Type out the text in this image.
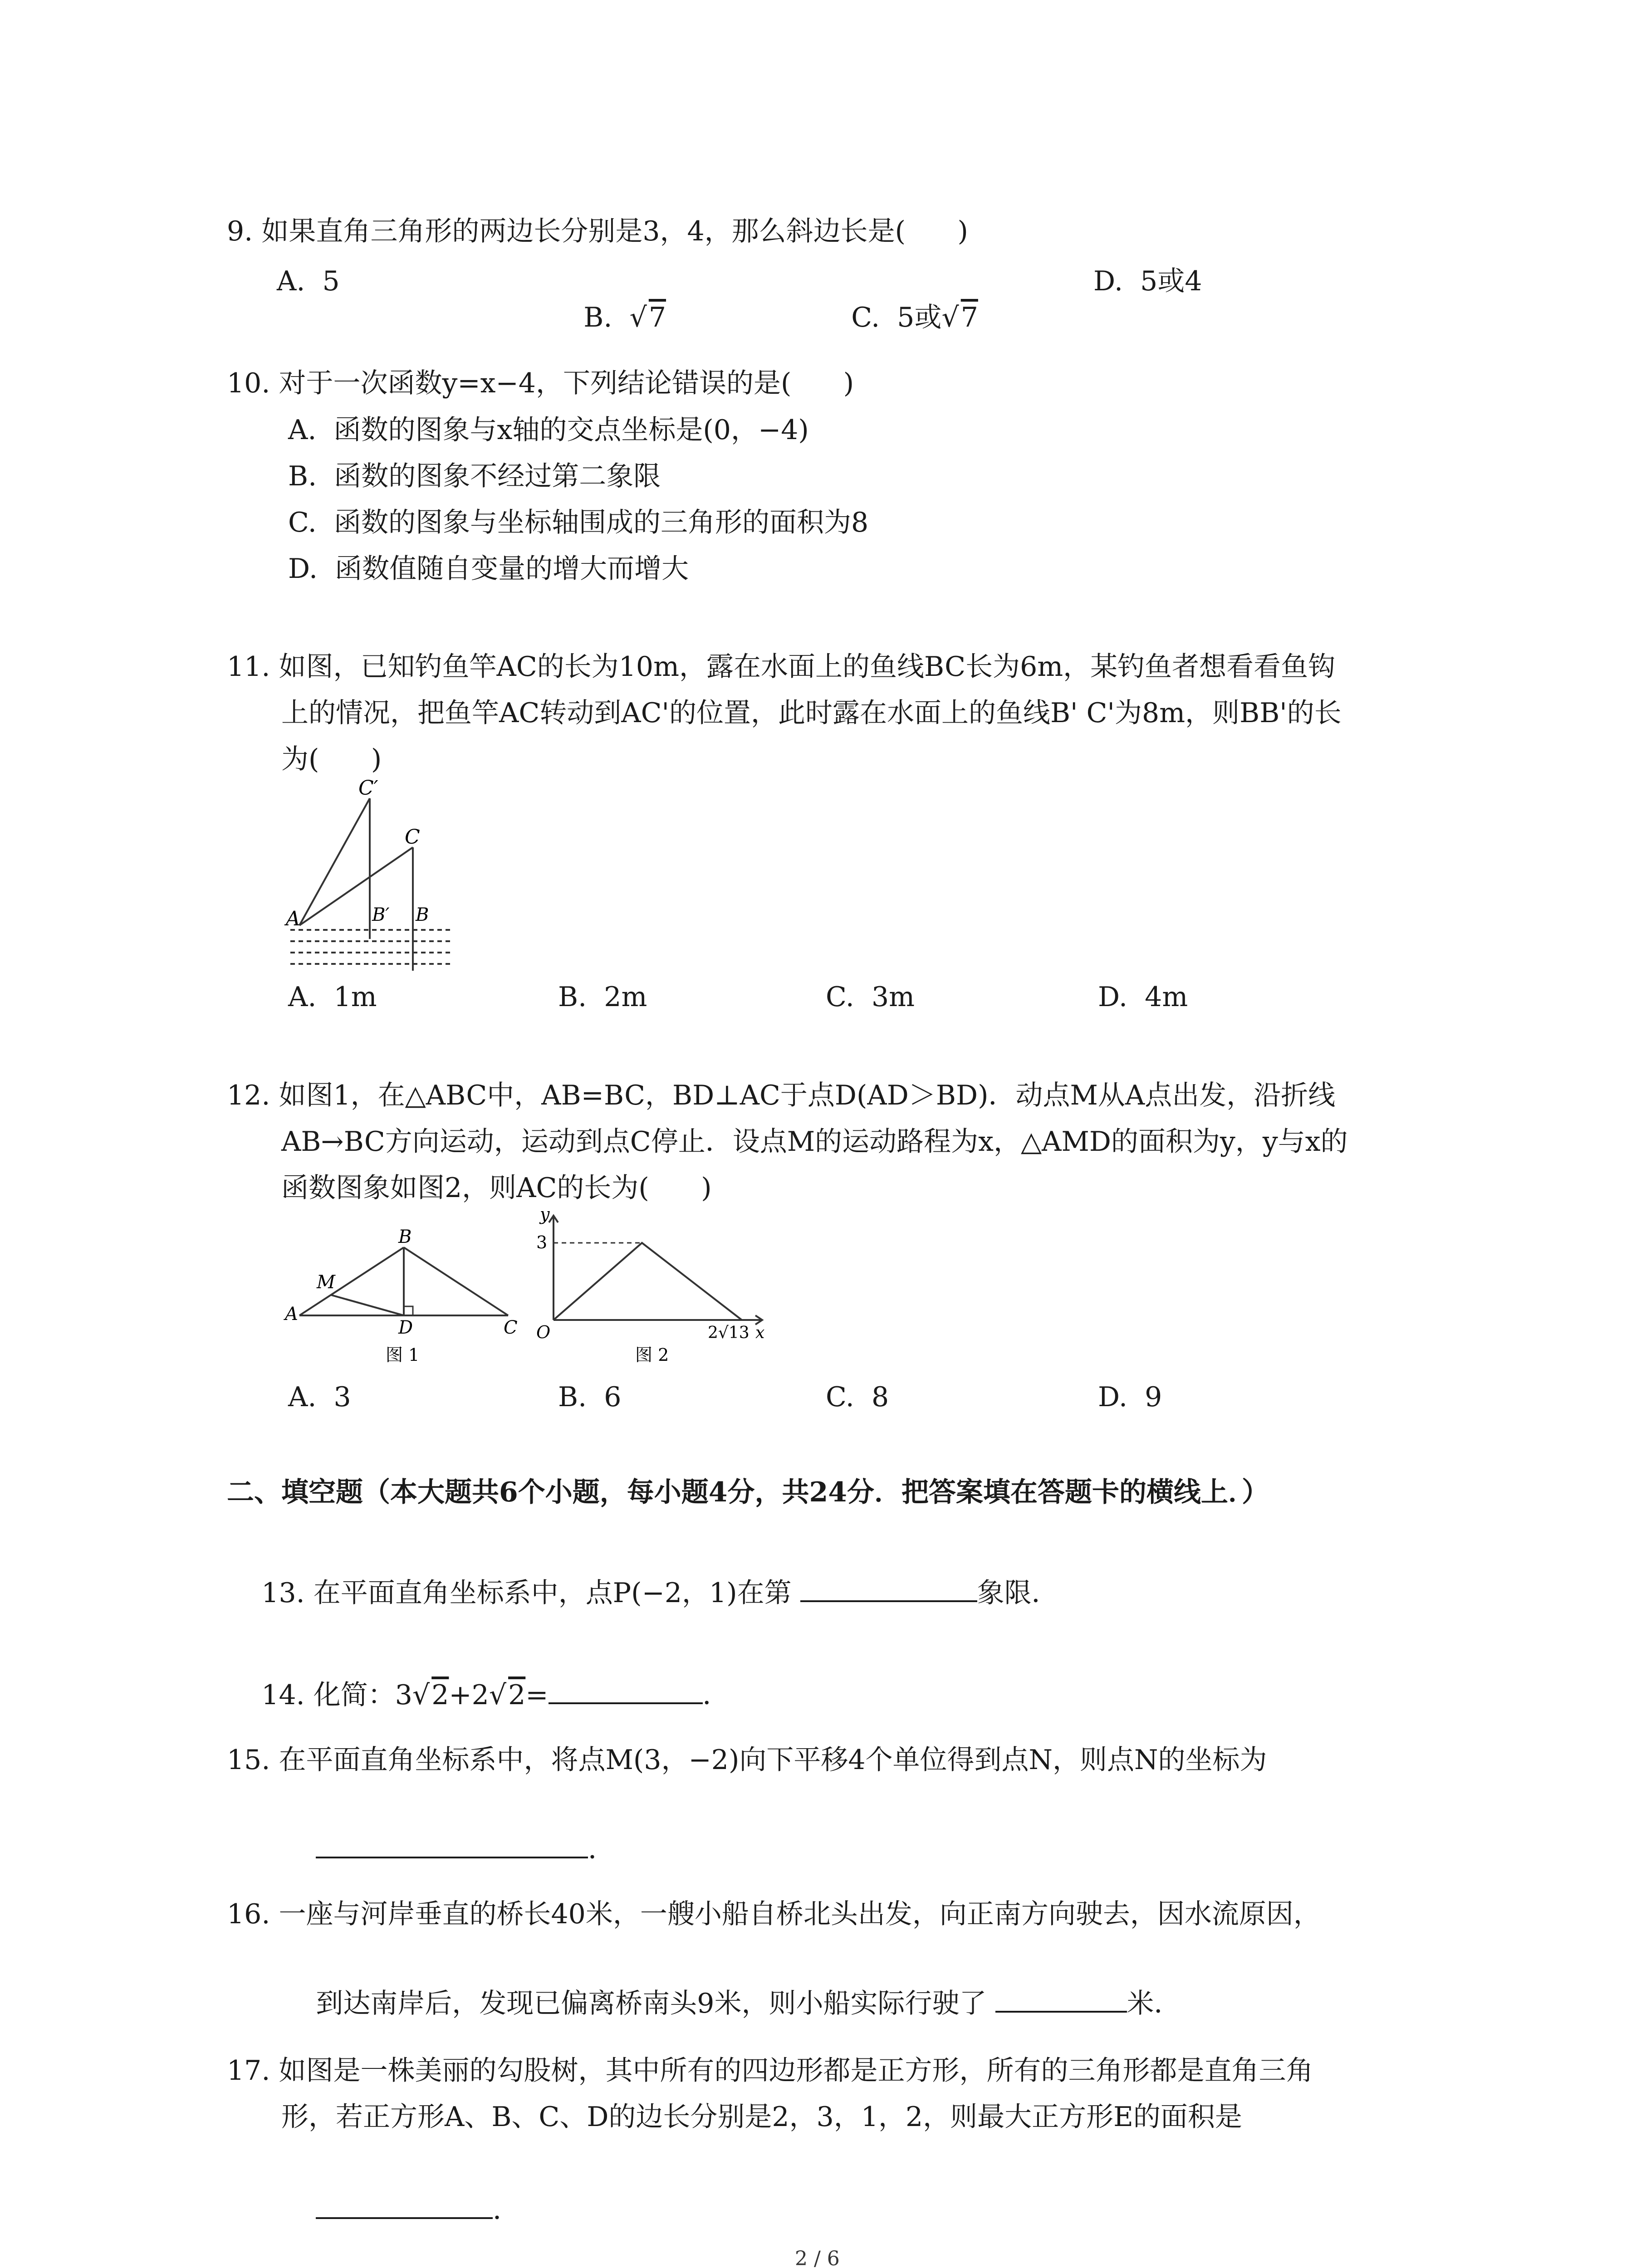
9. 如果直角三角形的两边长分别是3，4，那么斜边长是(      )
A.  5

B.  √7
	C.  5或√7

D.  5或4
10. 对于一次函数y=x−4，下列结论错误的是(      )
A.  函数的图象与x轴的交点坐标是(0，−4)
B.  函数的图象不经过第二象限
C.  函数的图象与坐标轴围成的三角形的面积为8
D.  函数值随自变量的增大而增大
11. 如图，已知钓鱼竿AC的长为10m，露在水面上的鱼线BC长为6m，某钓鱼者想看看鱼钩
上的情况，把鱼竿AC转动到AC'的位置，此时露在水面上的鱼线B' C'为8m，则BB'的长
为(      )
C′
C
A	B′ B
A.  1m	B.  2m	C.  3m	D.  4m
12. 如图1，在△ABC中，AB=BC，BD⊥AC于点D(AD＞BD)．动点M从A点出发，沿折线
AB→BC方向运动，运动到点C停止．设点M的运动路程为x，△AMD的面积为y，y与x的
函数图象如图2，则AC的长为(      )
B
M
A
D	C
图 1
y
3
O	2√13 x
图 2
A.  3	B.  6	C.  8	D.  9
二、填空题（本大题共6个小题，每小题4分，共24分．把答案填在答题卡的横线上．）

13. 在平面直角坐标系中，点P(−2，1)在第	象限．

14. 化简：3√2+2√2=	．

15. 在平面直角坐标系中，将点M(3，−2)向下平移4个单位得到点N，则点N的坐标为

．

16. 一座与河岸垂直的桥长40米，一艘小船自桥北头出发，向正南方向驶去，因水流原因，

到达南岸后，发现已偏离桥南头9米，则小船实际行驶了	米．

17. 如图是一株美丽的勾股树，其中所有的四边形都是正方形，所有的三角形都是直角三角
形，若正方形A、B、C、D的边长分别是2，3，1，2，则最大正方形E的面积是

．

2 / 6
